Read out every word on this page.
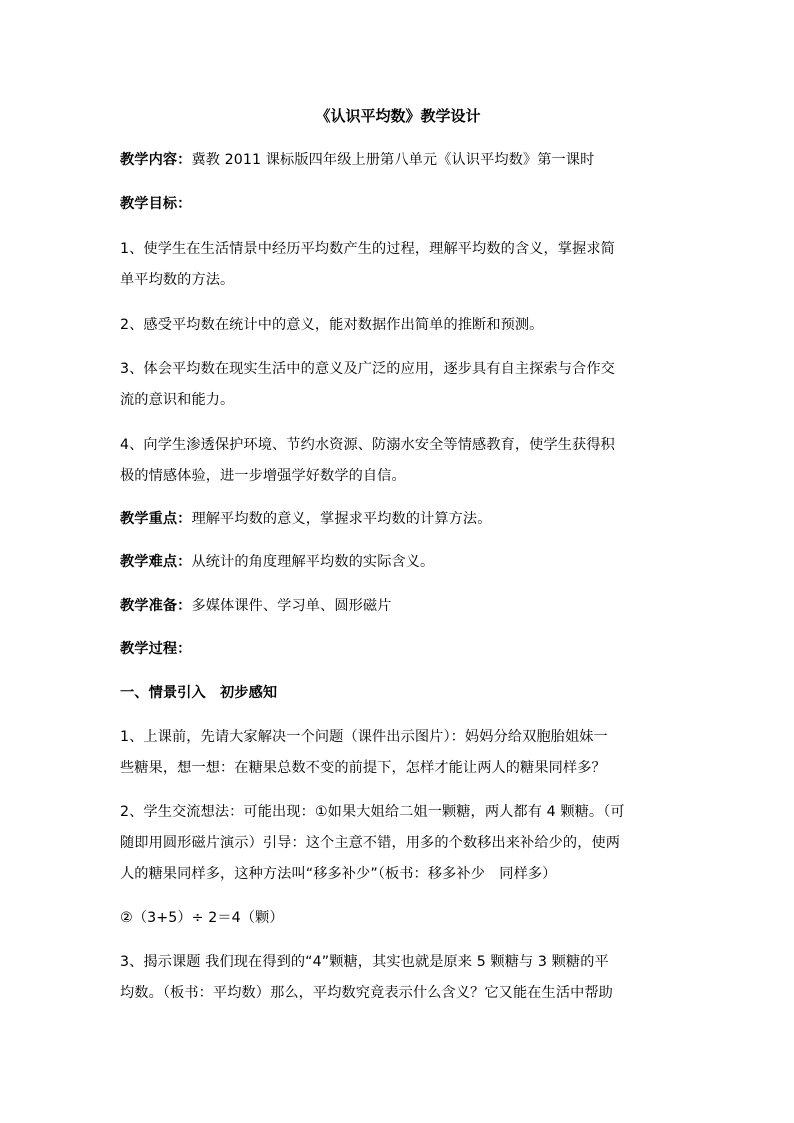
《认识平均数》教学设计
教学内容：冀教 2011 课标版四年级上册第八单元《认识平均数》第一课时
教学目标：
1、使学生在生活情景中经历平均数产生的过程，理解平均数的含义，掌握求简
单平均数的方法。
2、感受平均数在统计中的意义，能对数据作出简单的推断和预测。
3、体会平均数在现实生活中的意义及广泛的应用，逐步具有自主探索与合作交
流的意识和能力。
4、向学生渗透保护环境、节约水资源、防溺水安全等情感教育，使学生获得积
极的情感体验，进一步增强学好数学的自信。
教学重点：理解平均数的意义，掌握求平均数的计算方法。
教学难点：从统计的角度理解平均数的实际含义。
教学准备：多媒体课件、学习单、圆形磁片
教学过程：
一、情景引入　初步感知
1、上课前，先请大家解决一个问题（课件出示图片）：妈妈分给双胞胎姐妹一
些糖果，想一想：在糖果总数不变的前提下，怎样才能让两人的糖果同样多？
2、学生交流想法：可能出现：①如果大姐给二姐一颗糖，两人都有 4 颗糖。（可
随即用圆形磁片演示）引导：这个主意不错，用多的个数移出来补给少的，使两
人的糖果同样多，这种方法叫“移多补少”（板书：移多补少　同样多）
②（3+5）÷ 2＝4（颗）
3、揭示课题 我们现在得到的“4”颗糖，其实也就是原来 5 颗糖与 3 颗糖的平
均数。（板书：平均数）那么，平均数究竟表示什么含义？它又能在生活中帮助
